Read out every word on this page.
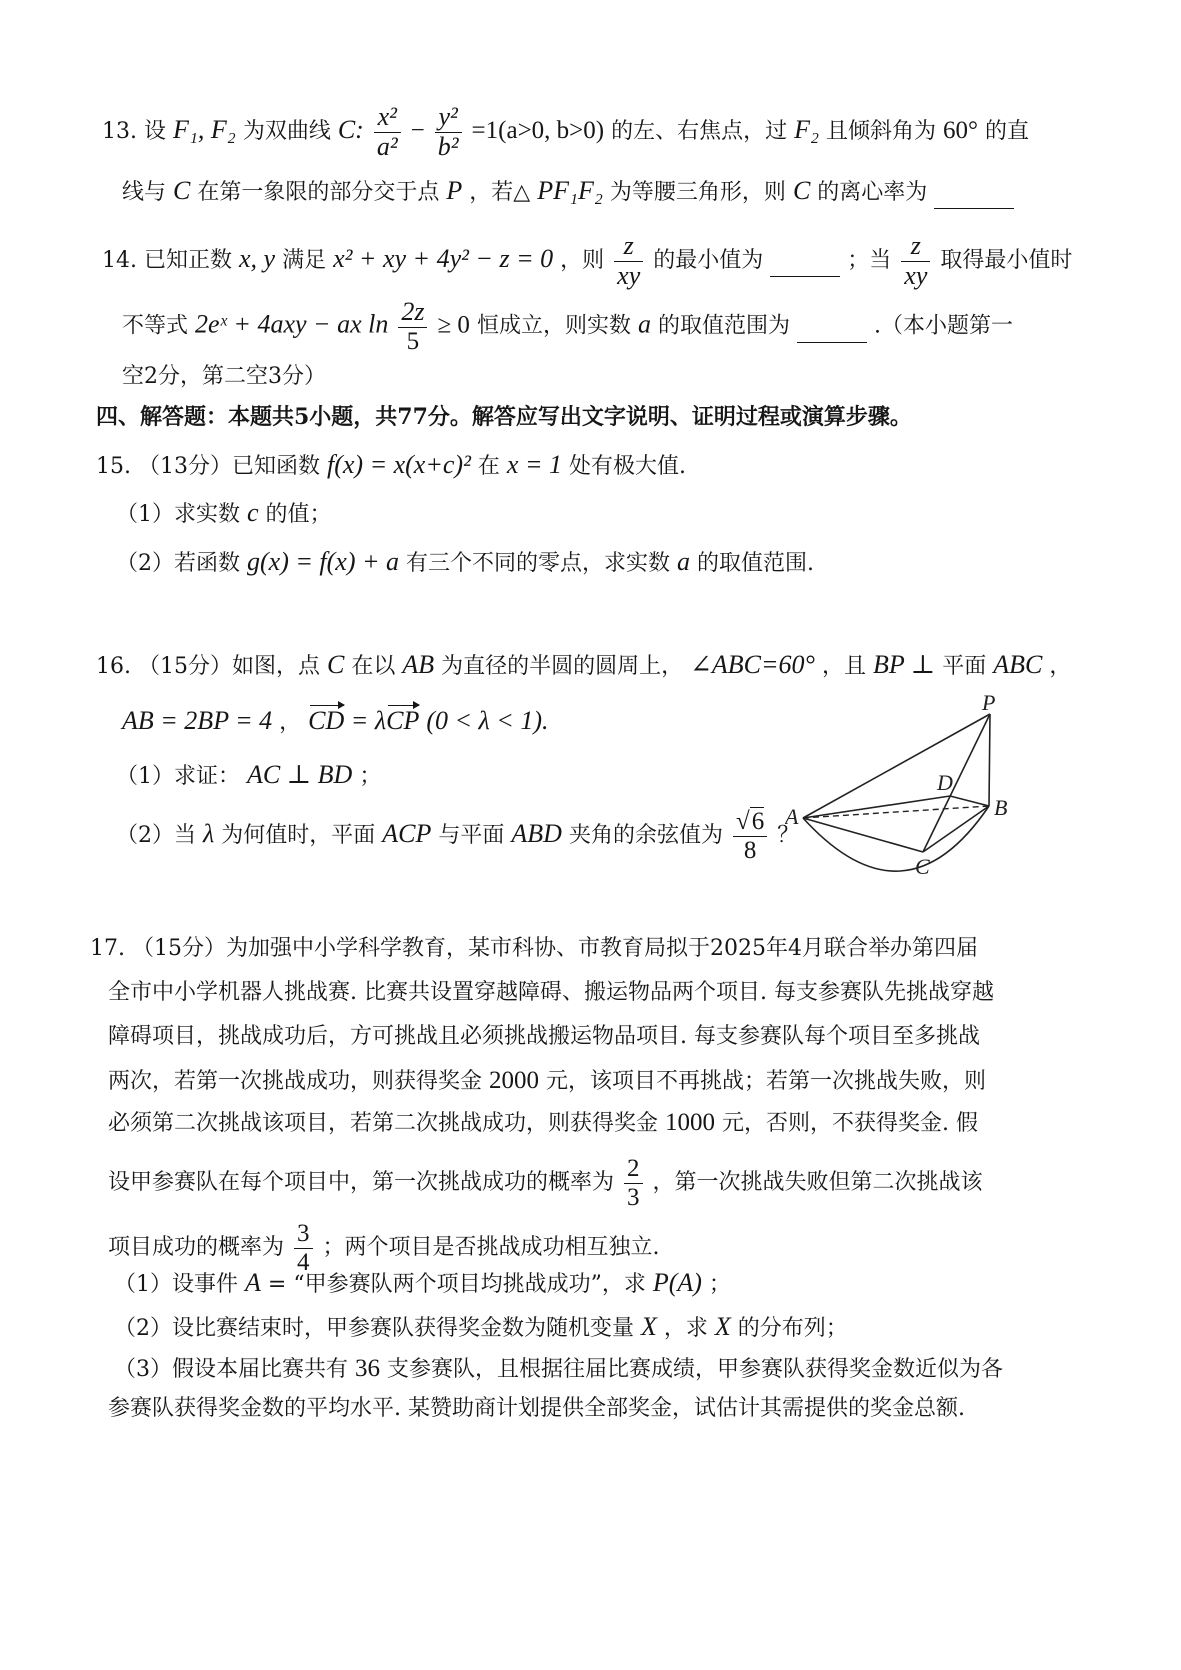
13. 设 F₁, F₂ 为双曲线 C: $\frac{\text{x²}}{\text{a²}} - \frac{\text{y²}}{\text{b²}} =1(a>0$, b>0) 的左、右焦点，过 F₂ 且倾斜角为 60° 的直
线与 C 在第一象限的部分交于点 P ，若△ PF₁F₂ 为等腰三角形，则 C 的离心率为
14. 已知正数 x, y 满足 x² + xy + 4y² − z = 0 ，则 $\frac{z}{xy}$ 的最小值为	；当 $\frac{z}{xy}$ 取得最小值时
不等式 2eˣ + 4axy − ax $\ln \frac{2z}{5} \ge 0$ 恒成立，则实数 a 的取值范围为	.（本小题第一
空2分，第二空3分）
四、解答题：本题共5小题，共77分。解答应写出文字说明、证明过程或演算步骤。
15. （13分）已知函数 f(x) = x(x+c)² 在 x = 1 处有极大值.
（1）求实数 c 的值；
（2）若函数 g(x) = f(x) + a 有三个不同的零点，求实数 a 的取值范围.
16. （15分）如图，点 C 在以 AB 为直径的半圆的圆周上， ∠ABC=60° ，且 BP ⊥ 平面 ABC ，
AB = 2BP = 4 ， CD = λCP (0 < λ < 1).
（1）求证： AC ⊥ BD ；
（2）当 λ 为何值时，平面 ACP 与平面 ABD 夹角的余弦值为 $\frac{√6}{8}$ ？
P
D
A	B
C
17. （15分）为加强中小学科学教育，某市科协、市教育局拟于2025年4月联合举办第四届
全市中小学机器人挑战赛. 比赛共设置穿越障碍、搬运物品两个项目. 每支参赛队先挑战穿越
障碍项目，挑战成功后，方可挑战且必须挑战搬运物品项目. 每支参赛队每个项目至多挑战
两次，若第一次挑战成功，则获得奖金 2000 元，该项目不再挑战；若第一次挑战失败，则
必须第二次挑战该项目，若第二次挑战成功，则获得奖金 1000 元，否则，不获得奖金. 假
设甲参赛队在每个项目中，第一次挑战成功的概率为 $\frac{2}{3}$ ，第一次挑战失败但第二次挑战该
项目成功的概率为 $\frac{3}{4}$ ；两个项目是否挑战成功相互独立.
（1）设事件 A = “甲参赛队两个项目均挑战成功”，求 P(A) ；
（2）设比赛结束时，甲参赛队获得奖金数为随机变量 X ，求 X 的分布列；
（3）假设本届比赛共有 36 支参赛队，且根据往届比赛成绩，甲参赛队获得奖金数近似为各
参赛队获得奖金数的平均水平. 某赞助商计划提供全部奖金，试估计其需提供的奖金总额.
